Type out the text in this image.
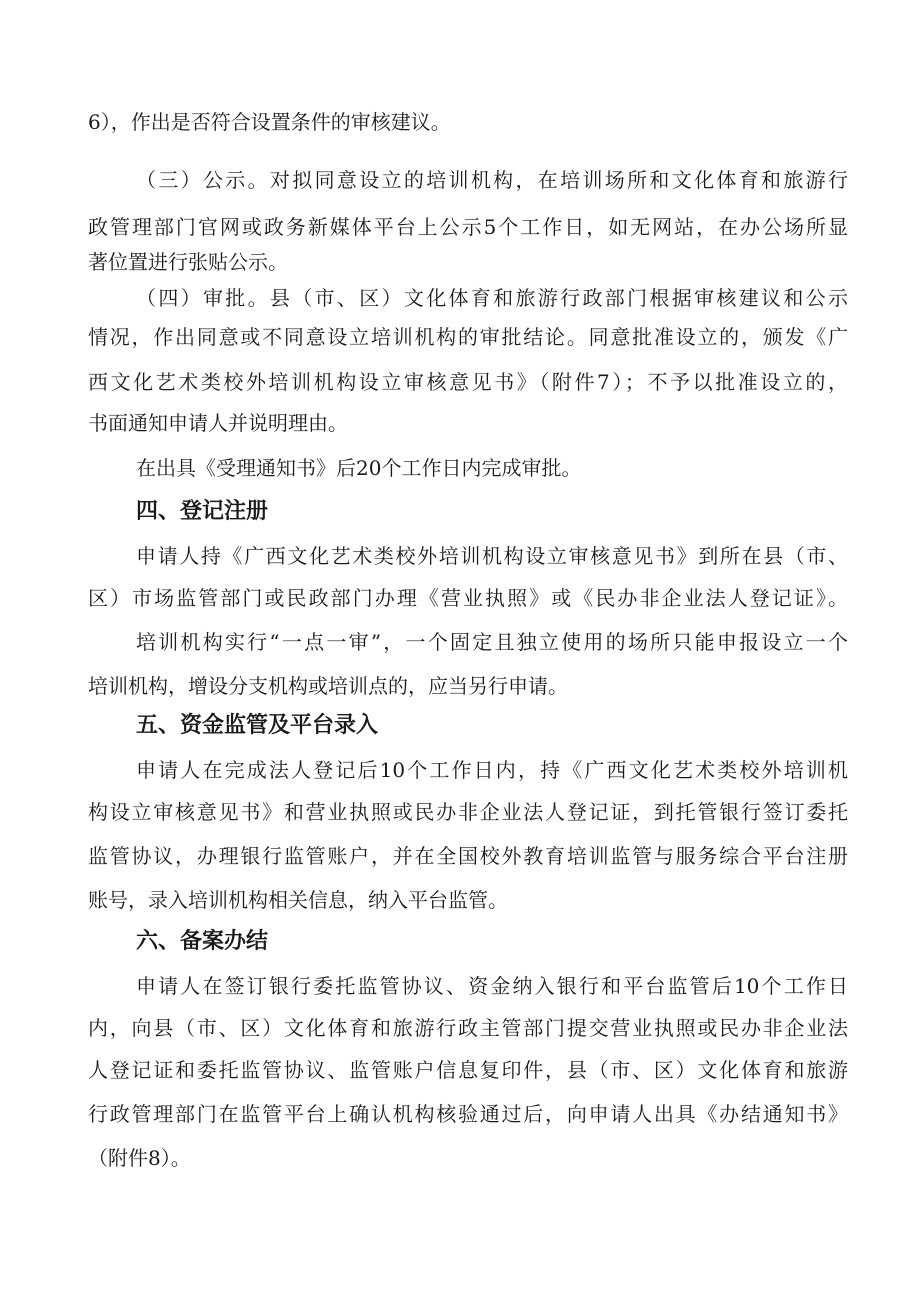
6），作出是否符合设置条件的审核建议。
（三）公示。对拟同意设立的培训机构，在培训场所和文化体育和旅游行
政管理部门官网或政务新媒体平台上公示5个工作日，如无网站，在办公场所显
著位置进行张贴公示。
（四）审批。县（市、区）文化体育和旅游行政部门根据审核建议和公示
情况，作出同意或不同意设立培训机构的审批结论。同意批准设立的，颁发《广
西文化艺术类校外培训机构设立审核意见书》（附件7）；不予以批准设立的，
书面通知申请人并说明理由。
在出具《受理通知书》后20个工作日内完成审批。
四、登记注册
申请人持《广西文化艺术类校外培训机构设立审核意见书》到所在县（市、
区）市场监管部门或民政部门办理《营业执照》或《民办非企业法人登记证》。
培训机构实行“一点一审”，一个固定且独立使用的场所只能申报设立一个
培训机构，增设分支机构或培训点的，应当另行申请。
五、资金监管及平台录入
申请人在完成法人登记后10个工作日内，持《广西文化艺术类校外培训机
构设立审核意见书》和营业执照或民办非企业法人登记证，到托管银行签订委托
监管协议，办理银行监管账户，并在全国校外教育培训监管与服务综合平台注册
账号，录入培训机构相关信息，纳入平台监管。
六、备案办结
申请人在签订银行委托监管协议、资金纳入银行和平台监管后10个工作日
内，向县（市、区）文化体育和旅游行政主管部门提交营业执照或民办非企业法
人登记证和委托监管协议、监管账户信息复印件，县（市、区）文化体育和旅游
行政管理部门在监管平台上确认机构核验通过后，向申请人出具《办结通知书》
（附件8）。
